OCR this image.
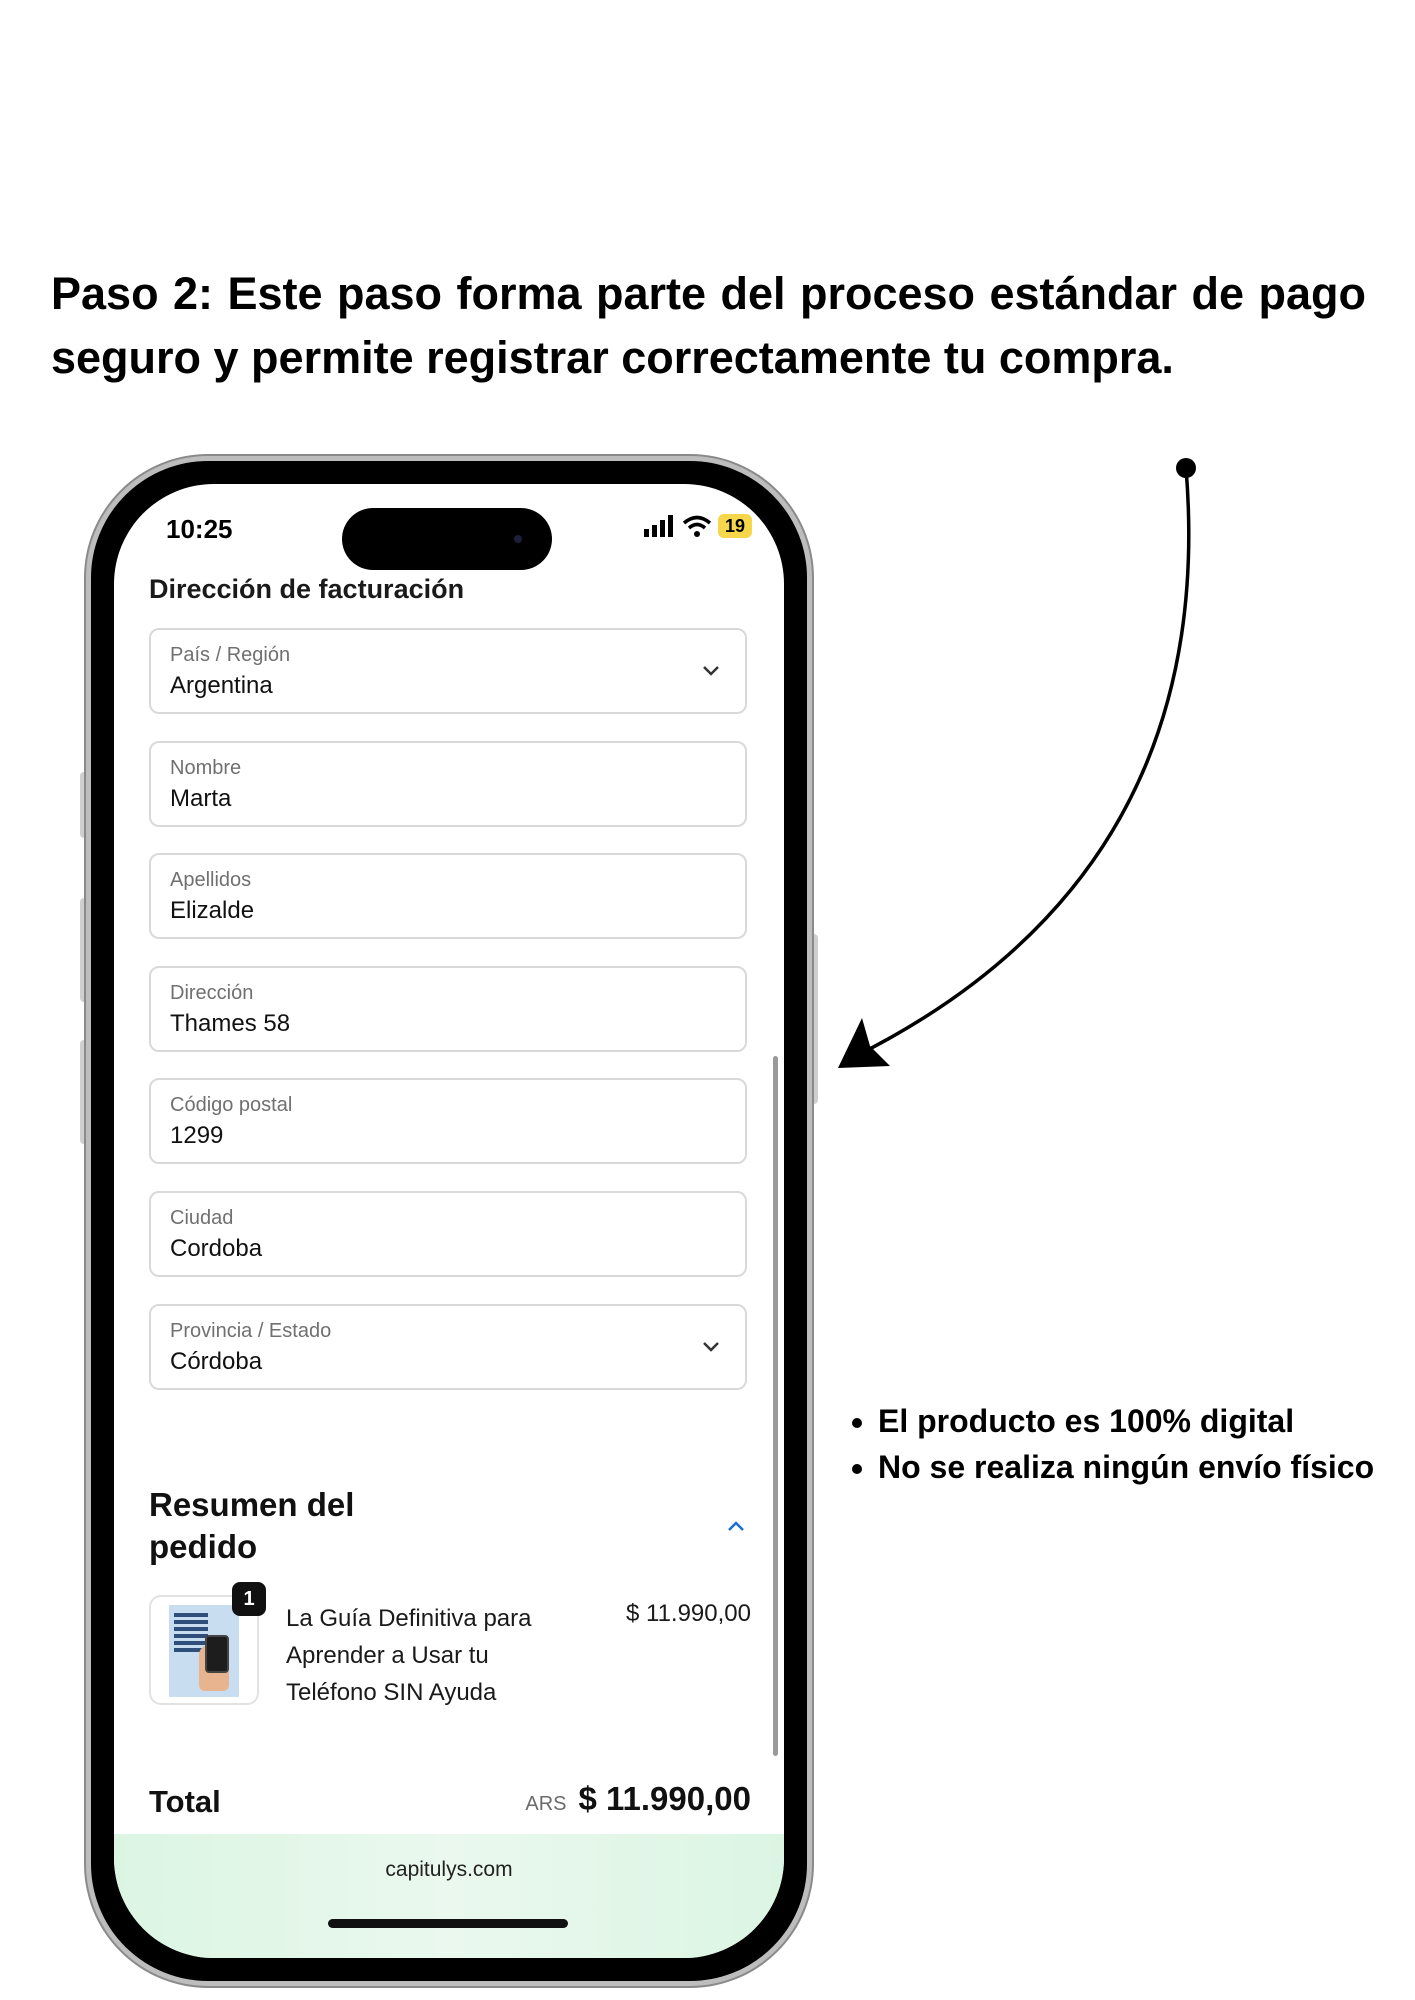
Paso 2: Este paso forma parte del proceso estándar de pago seguro y permite registrar correctamente tu compra.

El producto es 100% digital
No se realiza ningún envío físico
10:25	19
Dirección de facturación
País / Región
Argentina
Nombre
Marta
Apellidos
Elizalde
Dirección
Thames 58
Código postal
1299
Ciudad
Cordoba
Provincia / Estado
Córdoba
Resumen del pedido
1
La Guía Definitiva para Aprender a Usar tu Teléfono SIN Ayuda
$ 11.990,00
Total	ARS $ 11.990,00
capitulys.com
